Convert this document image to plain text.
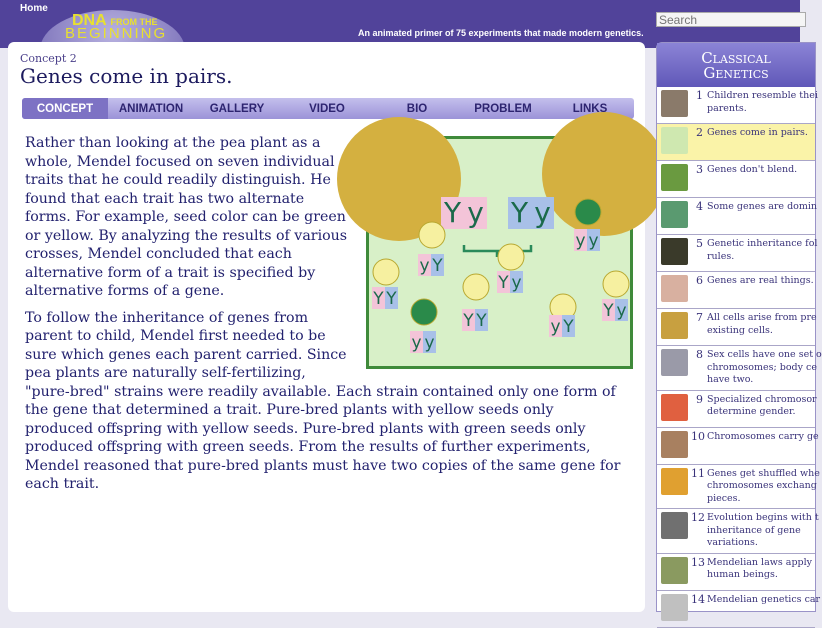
Home
DNA FROM THE
BEGINNING	An animated primer of 75 experiments that made modern genetics.
Search
Concept 2
Genes come in pairs.
CONCEPT	ANIMATION	GALLERY	VIDEO	BIO	PROBLEM	LINKS
Y y Y y
y Y
Y y
y y
Y Y
Y Y
y y
y Y
Y y

Rather than looking at the pea plant as a whole, Mendel focused on seven individual traits that he could readily distinguish. He found that each trait has two alternate forms. For example, seed color can be green or yellow. By analyzing the results of various crosses, Mendel concluded that each alternative form of a trait is specified by alternative forms of a gene.

To follow the inheritance of genes from parent to child, Mendel first needed to be sure which genes each parent carried. Since pea plants are naturally self-fertilizing, "pure-bred" strains were readily available. Each strain contained only one form of the gene that determined a trait. Pure-bred plants with yellow seeds only produced offspring with yellow seeds. Pure-bred plants with green seeds only produced offspring with green seeds. From the results of further experiments, Mendel reasoned that pure-bred plants must have two copies of the same gene for each trait.

Classical
Genetics
1 Children resemble thei
parents.
2 Genes come in pairs.
3 Genes don't blend.
4 Some genes are domin
5 Genetic inheritance fol
rules.
6 Genes are real things.
7 All cells arise from pre
existing cells.
8 Sex cells have one set o
chromosomes; body ce
have two.
9 Specialized chromosor
determine gender.
10 Chromosomes carry ge
11 Genes get shuffled whe
chromosomes exchang
pieces.
12 Evolution begins with t
inheritance of gene
variations.
13 Mendelian laws apply
human beings.
14 Mendelian genetics car
